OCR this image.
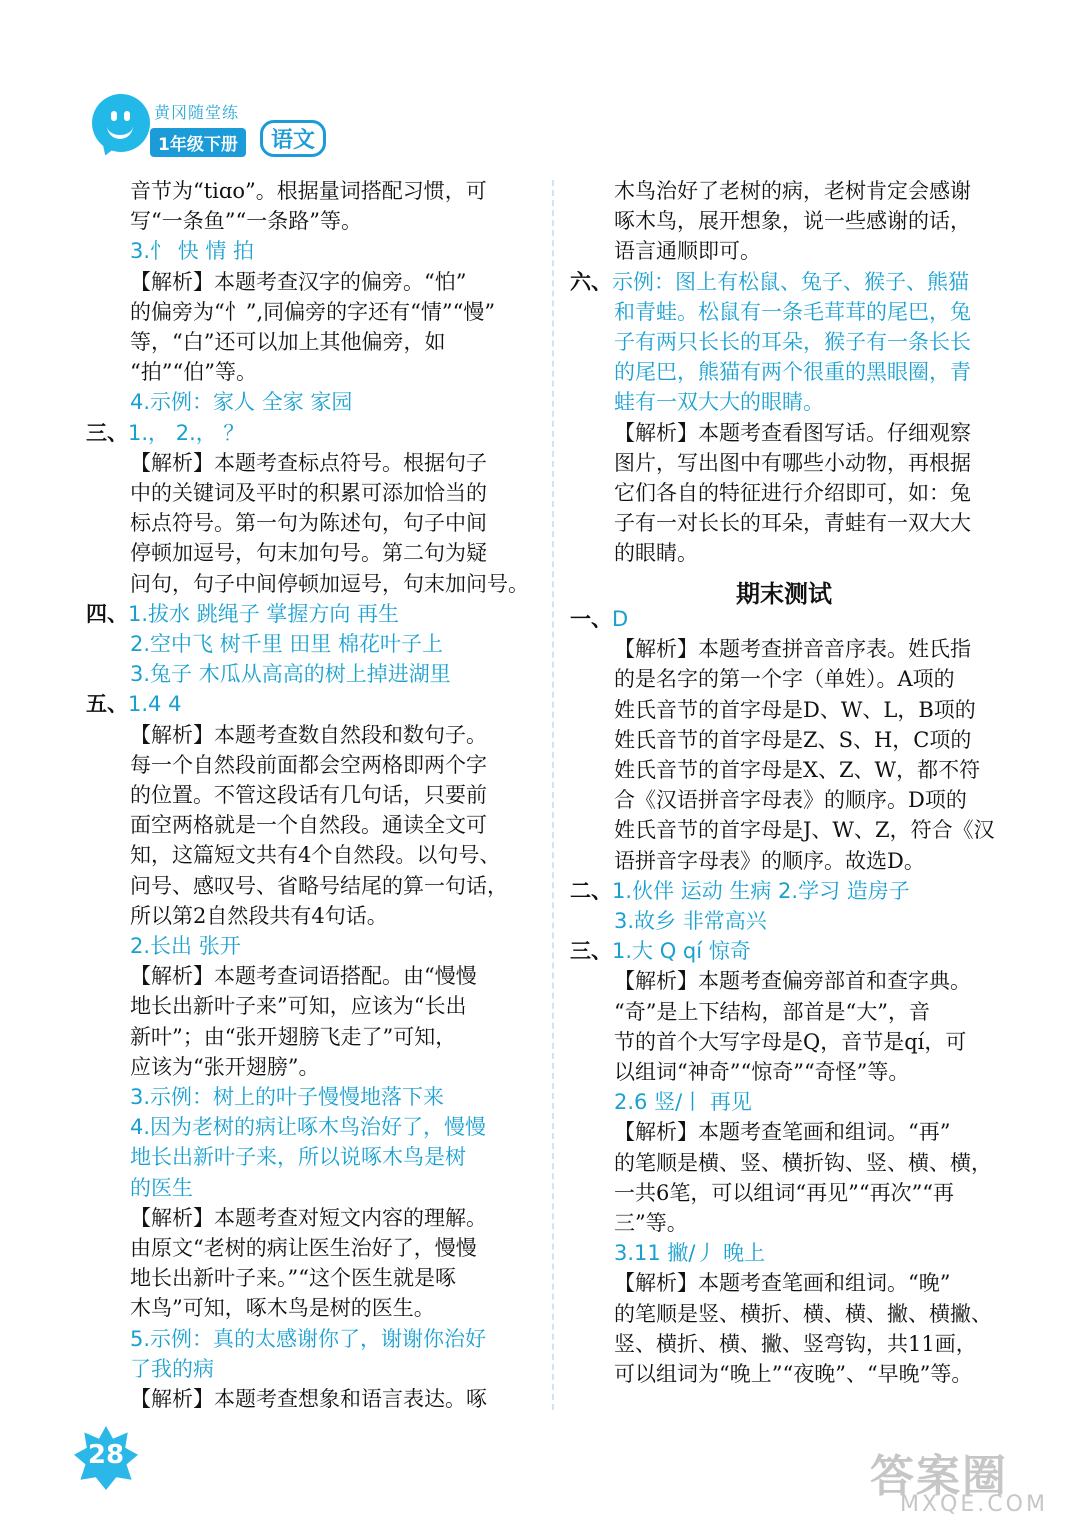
黄冈随堂练
1年级下册	语文
音节为“tiɑo”。根据量词搭配习惯，可
写“一条鱼”“一条路”等。
3.忄 快 情 拍
【解析】本题考查汉字的偏旁。“怕”
的偏旁为“忄”,同偏旁的字还有“情”“慢”
等，“白”还可以加上其他偏旁，如
“拍”“伯”等。
4.示例：家人 全家 家园
三、1.， 2.， ？
【解析】本题考查标点符号。根据句子
中的关键词及平时的积累可添加恰当的
标点符号。第一句为陈述句，句子中间
停顿加逗号，句末加句号。第二句为疑
问句，句子中间停顿加逗号，句末加问号。
四、1.拔水 跳绳子 掌握方向 再生
2.空中飞 树千里 田里 棉花叶子上
3.兔子 木瓜从高高的树上掉进湖里
五、1.4 4
【解析】本题考查数自然段和数句子。
每一个自然段前面都会空两格即两个字
的位置。不管这段话有几句话，只要前
面空两格就是一个自然段。通读全文可
知，这篇短文共有4个自然段。以句号、
问号、感叹号、省略号结尾的算一句话，
所以第2自然段共有4句话。
2.长出 张开
【解析】本题考查词语搭配。由“慢慢
地长出新叶子来”可知，应该为“长出
新叶”；由“张开翅膀飞走了”可知，
应该为“张开翅膀”。
3.示例：树上的叶子慢慢地落下来
4.因为老树的病让啄木鸟治好了，慢慢
地长出新叶子来，所以说啄木鸟是树
的医生
【解析】本题考查对短文内容的理解。
由原文“老树的病让医生治好了，慢慢
地长出新叶子来。”“这个医生就是啄
木鸟”可知，啄木鸟是树的医生。
5.示例：真的太感谢你了，谢谢你治好
了我的病
【解析】本题考查想象和语言表达。啄
木鸟治好了老树的病，老树肯定会感谢
啄木鸟，展开想象，说一些感谢的话，
语言通顺即可。
六、示例：图上有松鼠、兔子、猴子、熊猫
和青蛙。松鼠有一条毛茸茸的尾巴，兔
子有两只长长的耳朵，猴子有一条长长
的尾巴，熊猫有两个很重的黑眼圈，青
蛙有一双大大的眼睛。
【解析】本题考查看图写话。仔细观察
图片，写出图中有哪些小动物，再根据
它们各自的特征进行介绍即可，如：兔
子有一对长长的耳朵，青蛙有一双大大
的眼睛。
一、D
【解析】本题考查拼音音序表。姓氏指
的是名字的第一个字（单姓）。A项的
姓氏音节的首字母是D、W、L，B项的
姓氏音节的首字母是Z、S、H，C项的
姓氏音节的首字母是X、Z、W，都不符
合《汉语拼音字母表》的顺序。D项的
姓氏音节的首字母是J、W、Z，符合《汉
语拼音字母表》的顺序。故选D。
二、1.伙伴 运动 生病 2.学习 造房子
3.故乡 非常高兴
三、1.大 Q qí 惊奇
【解析】本题考查偏旁部首和查字典。
“奇”是上下结构，部首是“大”，音
节的首个大写字母是Q，音节是qí，可
以组词“神奇”“惊奇”“奇怪”等。
2.6 竖/丨 再见
【解析】本题考查笔画和组词。“再”
的笔顺是横、竖、横折钩、竖、横、横，
一共6笔，可以组词“再见”“再次”“再
三”等。
3.11 撇/丿 晚上
【解析】本题考查笔画和组词。“晚”
的笔顺是竖、横折、横、横、撇、横撇、
竖、横折、横、撇、竖弯钩，共11画，
可以组词为“晚上”“夜晚”、“早晚”等。
期末测试
28	答案圈
MXQE.COM
